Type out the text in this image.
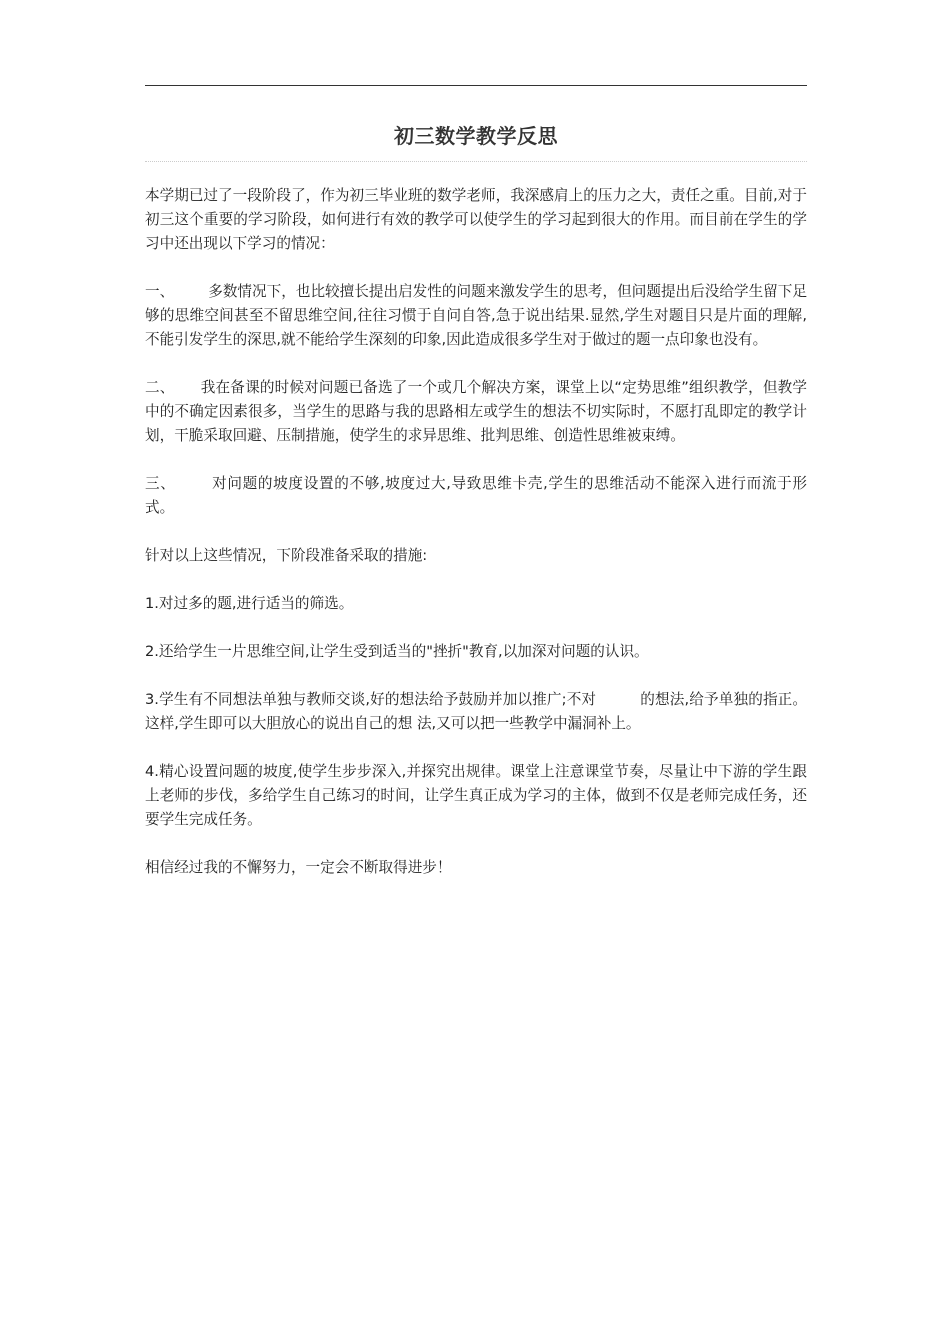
初三数学教学反思

本学期已过了一段阶段了，作为初三毕业班的数学老师，我深感肩上的压力之大，责任之重。目前,对于初三这个重要的学习阶段，如何进行有效的教学可以使学生的学习起到很大的作用。而目前在学生的学习中还出现以下学习的情况：

一、 多数情况下，也比较擅长提出启发性的问题来激发学生的思考，但问题提出后没给学生留下足够的思维空间甚至不留思维空间,往往习惯于自问自答,急于说出结果.显然,学生对题目只是片面的理解,不能引发学生的深思,就不能给学生深刻的印象,因此造成很多学生对于做过的题一点印象也没有。

二、 我在备课的时候对问题已备选了一个或几个解决方案，课堂上以“定势思维”组织教学，但教学中的不确定因素很多，当学生的思路与我的思路相左或学生的想法不切实际时，不愿打乱即定的教学计划，干脆采取回避、压制措施，使学生的求异思维、批判思维、创造性思维被束缚。

三、 对问题的坡度设置的不够,坡度过大,导致思维卡壳,学生的思维活动不能深入进行而流于形式。

针对以上这些情况，下阶段准备采取的措施:

1.对过多的题,进行适当的筛选。

2.还给学生一片思维空间,让学生受到适当的"挫折"教育,以加深对问题的认识。

3.学生有不同想法单独与教师交谈,好的想法给予鼓励并加以推广;不对	的想法,给予单独的指正。这样,学生即可以大胆放心的说出自己的想 法,又可以把一些教学中漏洞补上。

4.精心设置问题的坡度,使学生步步深入,并探究出规律。课堂上注意课堂节奏，尽量让中下游的学生跟上老师的步伐，多给学生自己练习的时间，让学生真正成为学习的主体，做到不仅是老师完成任务，还要学生完成任务。

相信经过我的不懈努力，一定会不断取得进步！
